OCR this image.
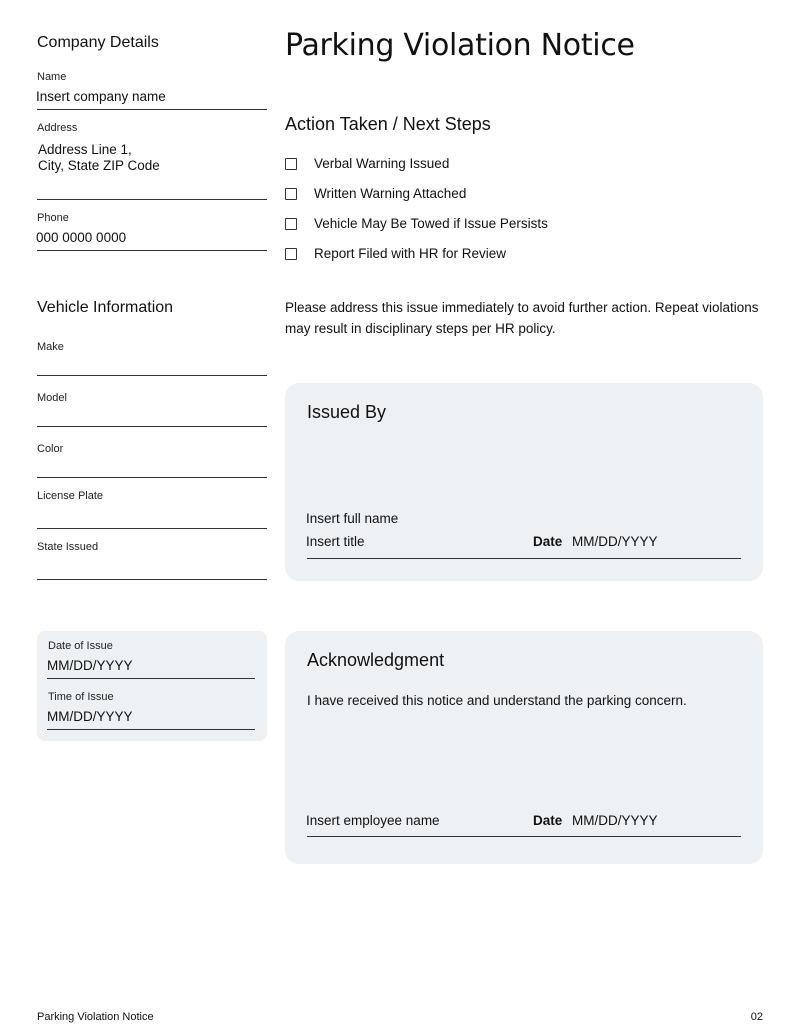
Company Details
Name
Insert company name
Address
Address Line 1,
City, State ZIP Code
Phone
000 0000 0000
Vehicle Information
Make
Model
Color
License Plate
State Issued
Date of Issue
MM/DD/YYYY
Time of Issue
MM/DD/YYYY
Parking Violation Notice
Action Taken / Next Steps
Verbal Warning Issued
Written Warning Attached
Vehicle May Be Towed if Issue Persists
Report Filed with HR for Review
Please address this issue immediately to avoid further action. Repeat violations may result in disciplinary steps per HR policy.
Issued By
Insert full name
Insert title	Date MM/DD/YYYY
Acknowledgment
I have received this notice and understand the parking concern.
Insert employee name	Date MM/DD/YYYY
Parking Violation Notice	02
